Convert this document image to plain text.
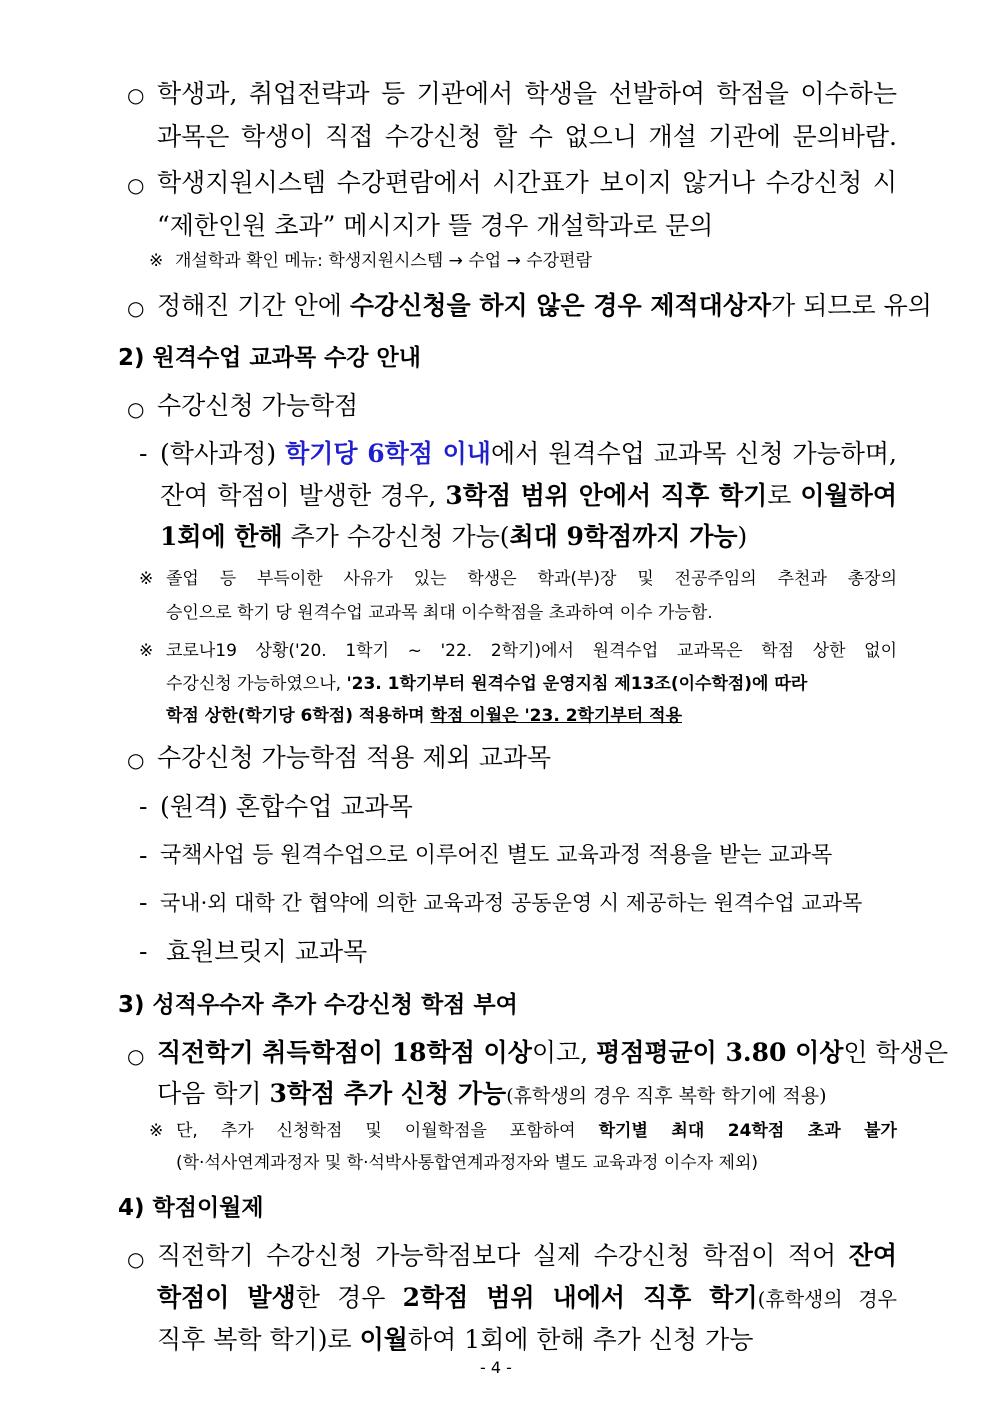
○ 학생과, 취업전략과 등 기관에서 학생을 선발하여 학점을 이수하는
과목은 학생이 직접 수강신청 할 수 없으니 개설 기관에 문의바람.
○ 학생지원시스템 수강편람에서 시간표가 보이지 않거나 수강신청 시
“제한인원 초과” 메시지가 뜰 경우 개설학과로 문의
※ 개설학과 확인 메뉴: 학생지원시스템 → 수업 → 수강편람
○ 정해진 기간 안에 수강신청을 하지 않은 경우 제적대상자가 되므로 유의
2) 원격수업 교과목 수강 안내
○ 수강신청 가능학점
- (학사과정) 학기당 6학점 이내에서 원격수업 교과목 신청 가능하며,
잔여 학점이 발생한 경우, 3학점 범위 안에서 직후 학기로 이월하여
1회에 한해 추가 수강신청 가능(최대 9학점까지 가능)
※ 졸업 등 부득이한 사유가 있는 학생은 학과(부)장 및 전공주임의 추천과 총장의
승인으로 학기 당 원격수업 교과목 최대 이수학점을 초과하여 이수 가능함.
※ 코로나19 상황('20. 1학기 ~ '22. 2학기)에서 원격수업 교과목은 학점 상한 없이
수강신청 가능하였으나, '23. 1학기부터 원격수업 운영지침 제13조(이수학점)에 따라
학점 상한(학기당 6학점) 적용하며 학점 이월은 '23. 2학기부터 적용
○ 수강신청 가능학점 적용 제외 교과목
- (원격) 혼합수업 교과목
- 국책사업 등 원격수업으로 이루어진 별도 교육과정 적용을 받는 교과목
- 국내·외 대학 간 협약에 의한 교육과정 공동운영 시 제공하는 원격수업 교과목
- 효원브릿지 교과목
3) 성적우수자 추가 수강신청 학점 부여
○ 직전학기 취득학점이 18학점 이상이고, 평점평균이 3.80 이상인 학생은
다음 학기 3학점 추가 신청 가능(휴학생의 경우 직후 복학 학기에 적용)
※ 단, 추가 신청학점 및 이월학점을 포함하여 학기별 최대 24학점 초과 불가
(학·석사연계과정자 및 학·석박사통합연계과정자와 별도 교육과정 이수자 제외)
4) 학점이월제
○ 직전학기 수강신청 가능학점보다 실제 수강신청 학점이 적어 잔여
학점이 발생한 경우 2학점 범위 내에서 직후 학기(휴학생의 경우
직후 복학 학기)로 이월하여 1회에 한해 추가 신청 가능
- 4 -
